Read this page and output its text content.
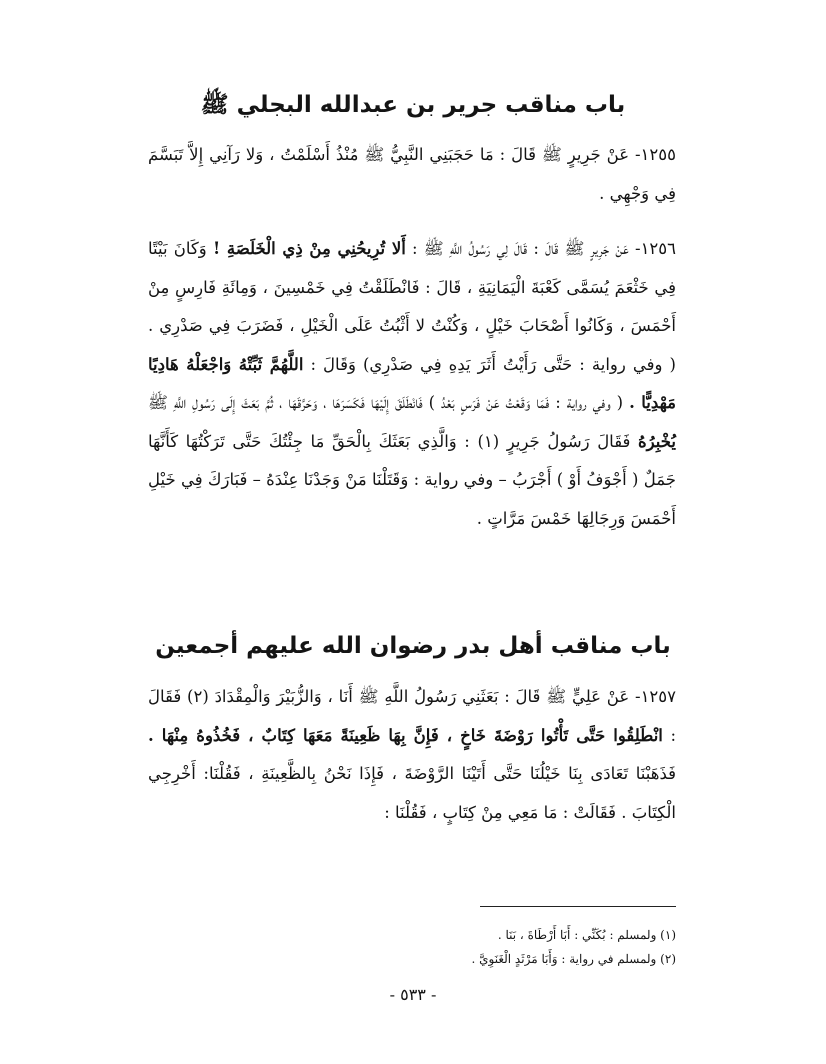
باب مناقب جرير بن عبدالله البجلي ﷺ
١٢٥٥- عَنْ جَرِيرٍ ﷺ قَالَ : مَا حَجَبَنِي النَّبِيُّ ﷺ مُنْذُ أَسْلَمْتُ ، وَلا رَآنِي إِلاَّ تَبَسَّمَ فِي وَجْهِي .
١٢٥٦- عَنْ جَرِيرٍ ﷺ قَالَ : قَالَ لِي رَسُولُ اللَّهِ ﷺ : أَلا تُرِيحُنِي مِنْ ذِي الْخَلَصَةِ ! وَكَانَ بَيْتًا فِي خَثْعَمَ يُسَمَّى كَعْبَةَ الْيَمَانِيَةِ ، قَالَ : فَانْطَلَقْتُ فِي خَمْسِينَ ، وَمِائَةِ فَارِسٍ مِنْ أَحْمَسَ ، وَكَانُوا أَصْحَابَ خَيْلٍ ، وَكُنْتُ لا أَثْبُتُ عَلَى الْخَيْلِ ، فَضَرَبَ فِي صَدْرِي . ( وفي رواية : حَتَّى رَأَيْتُ أَثَرَ يَدِهِ فِي صَدْرِي) وَقَالَ : اللَّهُمَّ ثَبِّتْهُ وَاجْعَلْهُ هَادِيًا مَهْدِيًّا . ( وفي رواية : فَمَا وَقَعْتُ عَنْ فَرَسٍ بَعْدُ ) فَانْطَلَقَ إِلَيْهَا فَكَسَرَهَا ، وَحَرَّقَهَا ، ثُمَّ بَعَثَ إِلَى رَسُولِ اللَّهِ ﷺ يُخْبِرُهُ فَقَالَ رَسُولُ جَرِيرٍ (١) : وَالَّذِي بَعَثَكَ بِالْحَقِّ مَا جِئْتُكَ حَتَّى تَرَكْتُهَا كَأَنَّهَا جَمَلٌ ( أَجْوَفُ أَوْ ) أَجْرَبُ – وفي رواية : وَقَتَلْنَا مَنْ وَجَدْنَا عِنْدَهُ – فَبَارَكَ فِي خَيْلِ أَحْمَسَ وَرِجَالِهَا خَمْسَ مَرَّاتٍ .
باب مناقب أهل بدر رضوان الله عليهم أجمعين
١٢٥٧- عَنْ عَلِيٍّ ﷺ قَالَ : بَعَثَنِي رَسُولُ اللَّهِ ﷺ أَنَا ، وَالزُّبَيْرَ وَالْمِقْدَادَ (٢) فَقَالَ : انْطَلِقُوا حَتَّى تَأْتُوا رَوْضَةَ خَاخٍ ، فَإِنَّ بِهَا ظَعِينَةً مَعَهَا كِتَابٌ ، فَخُذُوهُ مِنْهَا . فَذَهَبْنَا تَعَادَى بِنَا خَيْلُنَا حَتَّى أَتَيْنَا الرَّوْضَةَ ، فَإِذَا نَحْنُ بِالظَّعِينَةِ ، فَقُلْنَا: أَخْرِجِي الْكِتَابَ . فَقَالَتْ : مَا مَعِي مِنْ كِتَابٍ ، فَقُلْنَا :
(١) ولمسلم : بُكَنِّي : أَبَا أَرْطَاةَ ، بَنَا .
(٢) ولمسلم في رواية : وَأَبَا مَرْثَدٍ الْغَنَوِيَّ .
- ٥٣٣ -
